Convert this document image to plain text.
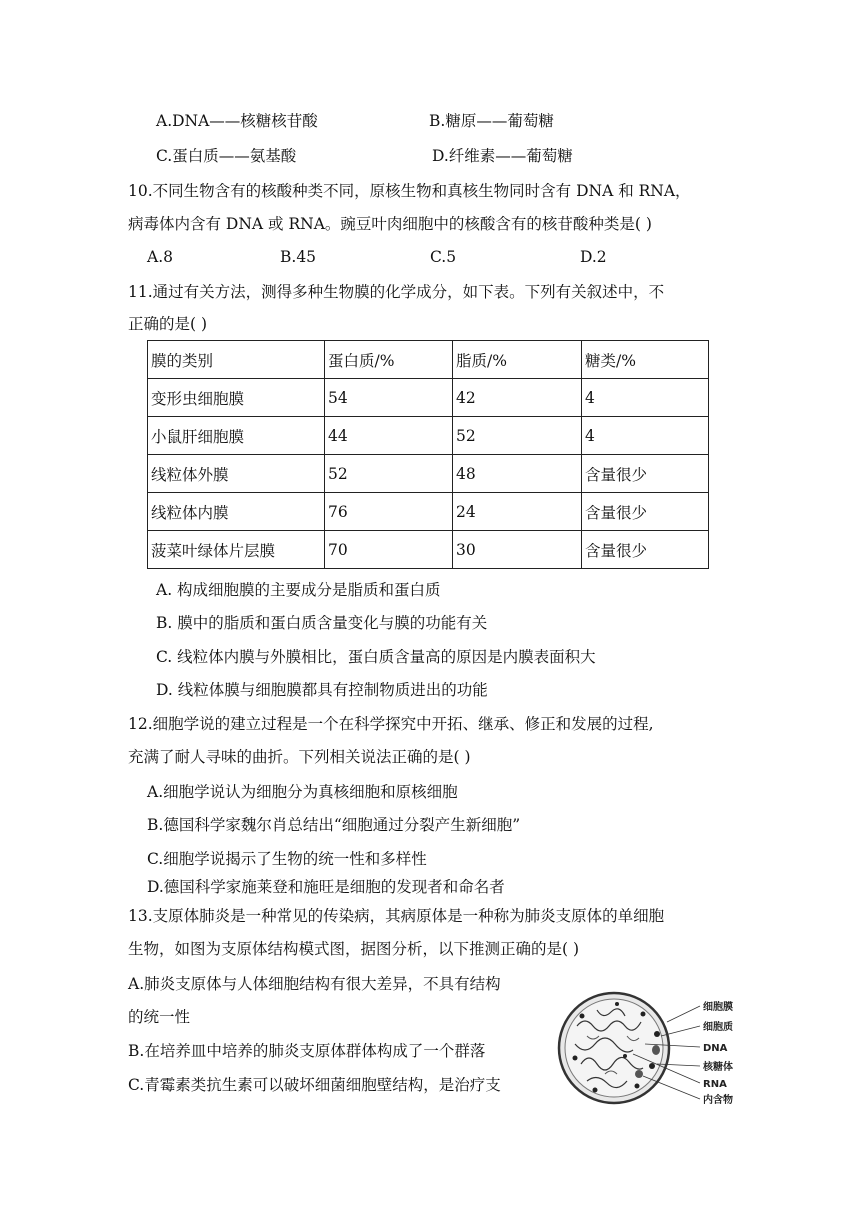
A.DNA——核糖核苷酸	B.糖原——葡萄糖
C.蛋白质——氨基酸	D.纤维素——葡萄糖
10.不同生物含有的核酸种类不同，原核生物和真核生物同时含有 DNA 和 RNA，
病毒体内含有 DNA 或 RNA。豌豆叶肉细胞中的核酸含有的核苷酸种类是( )
A.8	B.45	C.5	D.2
11.通过有关方法，测得多种生物膜的化学成分，如下表。下列有关叙述中，不
正确的是( )
膜的类别	蛋白质/%	脂质/%	糖类/%
变形虫细胞膜	54	42	4
小鼠肝细胞膜	44	52	4
线粒体外膜	52	48	含量很少
线粒体内膜	76	24	含量很少
菠菜叶绿体片层膜	70	30	含量很少
A. 构成细胞膜的主要成分是脂质和蛋白质
B. 膜中的脂质和蛋白质含量变化与膜的功能有关
C. 线粒体内膜与外膜相比，蛋白质含量高的原因是内膜表面积大
D. 线粒体膜与细胞膜都具有控制物质进出的功能
12.细胞学说的建立过程是一个在科学探究中开拓、继承、修正和发展的过程,
充满了耐人寻味的曲折。下列相关说法正确的是( )
A.细胞学说认为细胞分为真核细胞和原核细胞
B.德国科学家魏尔肖总结出“细胞通过分裂产生新细胞”
C.细胞学说揭示了生物的统一性和多样性
D.德国科学家施莱登和施旺是细胞的发现者和命名者
13.支原体肺炎是一种常见的传染病，其病原体是一种称为肺炎支原体的单细胞
生物，如图为支原体结构模式图，据图分析，以下推测正确的是( )
A.肺炎支原体与人体细胞结构有很大差异，不具有结构
的统一性
B.在培养皿中培养的肺炎支原体群体构成了一个群落
C.青霉素类抗生素可以破坏细菌细胞壁结构，是治疗支
细胞膜
细胞质
DNA
核糖体
RNA
内含物
